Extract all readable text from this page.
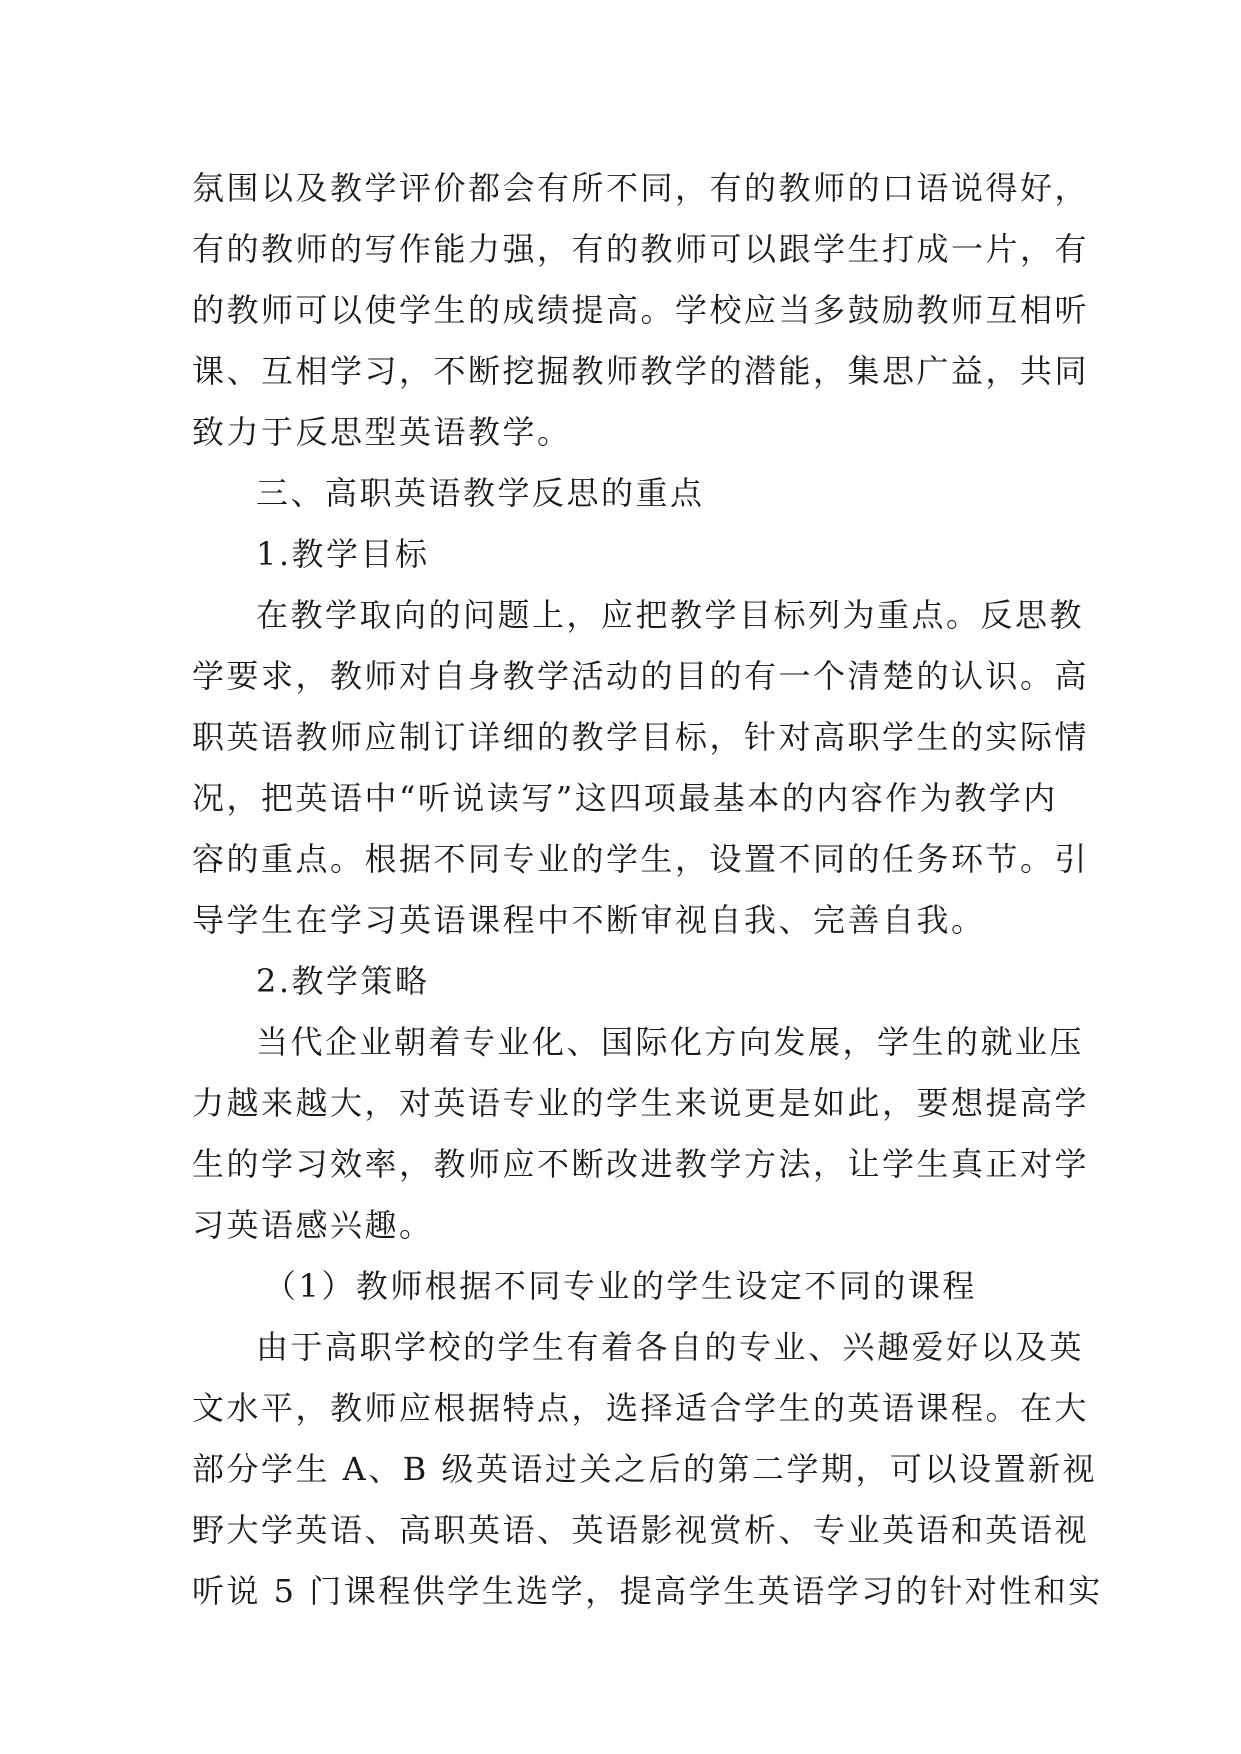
氛围以及教学评价都会有所不同，有的教师的口语说得好，
有的教师的写作能力强，有的教师可以跟学生打成一片，有
的教师可以使学生的成绩提高。学校应当多鼓励教师互相听
课、互相学习，不断挖掘教师教学的潜能，集思广益，共同
致力于反思型英语教学。
三、高职英语教学反思的重点
1.教学目标
在教学取向的问题上，应把教学目标列为重点。反思教
学要求，教师对自身教学活动的目的有一个清楚的认识。高
职英语教师应制订详细的教学目标，针对高职学生的实际情
况，把英语中“听说读写”这四项最基本的内容作为教学内
容的重点。根据不同专业的学生，设置不同的任务环节。引
导学生在学习英语课程中不断审视自我、完善自我。
2.教学策略
当代企业朝着专业化、国际化方向发展，学生的就业压
力越来越大，对英语专业的学生来说更是如此，要想提高学
生的学习效率，教师应不断改进教学方法，让学生真正对学
习英语感兴趣。
（1）教师根据不同专业的学生设定不同的课程
由于高职学校的学生有着各自的专业、兴趣爱好以及英
文水平，教师应根据特点，选择适合学生的英语课程。在大
部分学生 A、B 级英语过关之后的第二学期，可以设置新视
野大学英语、高职英语、英语影视赏析、专业英语和英语视
听说 5 门课程供学生选学，提高学生英语学习的针对性和实
